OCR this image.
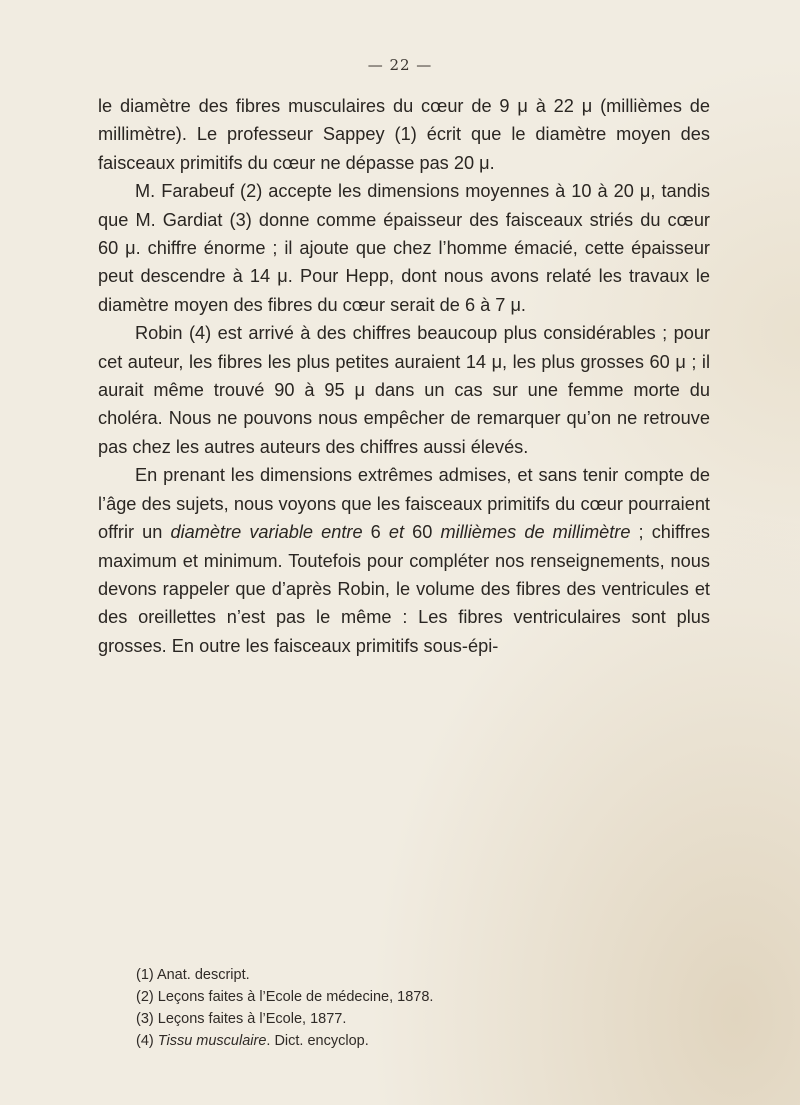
— 22 —

le diamètre des fibres musculaires du cœur de 9 μ à 22 μ (millièmes de millimètre). Le professeur Sappey (1) écrit que le diamètre moyen des faisceaux primitifs du cœur ne dépasse pas 20 μ.

M. Farabeuf (2) accepte les dimensions moyennes à 10 à 20 μ, tandis que M. Gardiat (3) donne comme épaisseur des faisceaux striés du cœur 60 μ. chiffre énorme ; il ajoute que chez l’homme émacié, cette épaisseur peut descendre à 14 μ. Pour Hepp, dont nous avons relaté les travaux le diamètre moyen des fibres du cœur serait de 6 à 7 μ.

Robin (4) est arrivé à des chiffres beaucoup plus considérables ; pour cet auteur, les fibres les plus petites auraient 14 μ, les plus grosses 60 μ ; il aurait même trouvé 90 à 95 μ dans un cas sur une femme morte du choléra. Nous ne pouvons nous empêcher de remarquer qu’on ne retrouve pas chez les autres auteurs des chiffres aussi élevés.

En prenant les dimensions extrêmes admises, et sans tenir compte de l’âge des sujets, nous voyons que les faisceaux primitifs du cœur pourraient offrir un diamètre variable entre 6 et 60 millièmes de millimètre ; chiffres maximum et minimum. Toutefois pour compléter nos renseignements, nous devons rappeler que d’après Robin, le volume des fibres des ventricules et des oreillettes n’est pas le même : Les fibres ventriculaires sont plus grosses. En outre les faisceaux primitifs sous-épi-

(1) Anat. descript.
(2) Leçons faites à l’Ecole de médecine, 1878.
(3) Leçons faites à l’Ecole, 1877.
(4) Tissu musculaire. Dict. encyclop.
